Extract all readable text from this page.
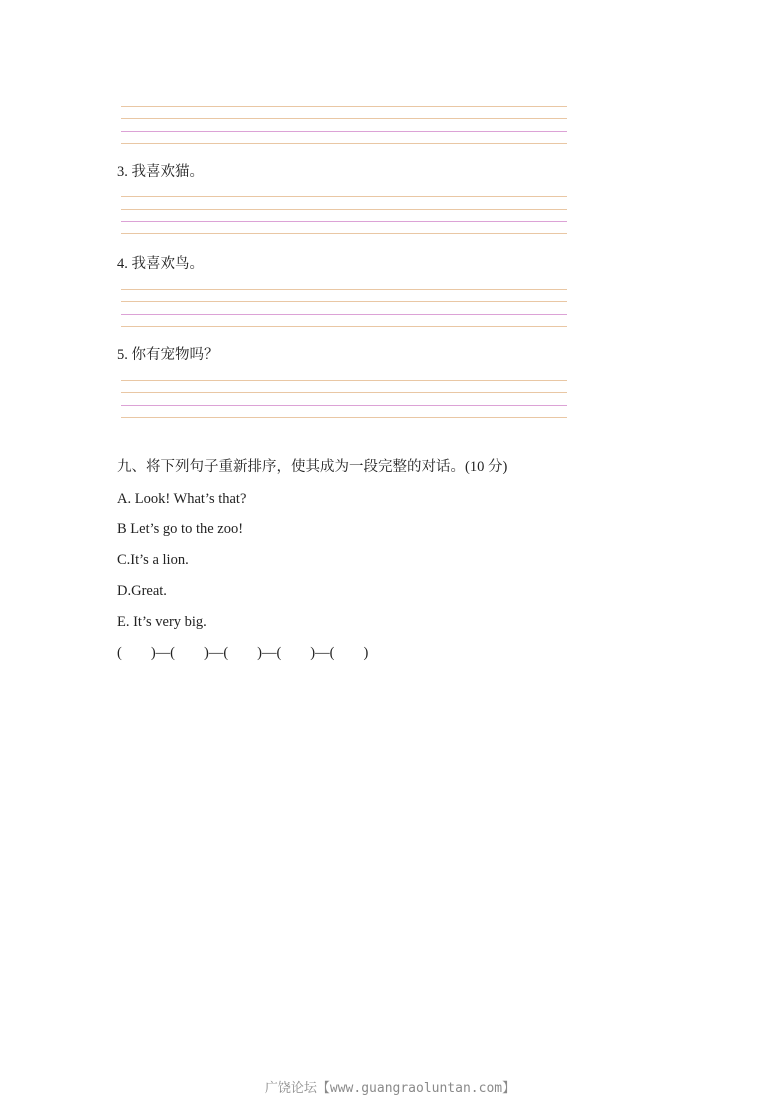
3. 我喜欢猫。
4. 我喜欢鸟。
5. 你有宠物吗？
九、将下列句子重新排序，使其成为一段完整的对话。(10 分)
A. Look! What’s that?
B Let’s go to the zoo!
C.It’s a lion.
D.Great.
E. It’s very big.
(        )—(        )—(        )—(        )—(        )
广饶论坛【www.guangraoluntan.com】
